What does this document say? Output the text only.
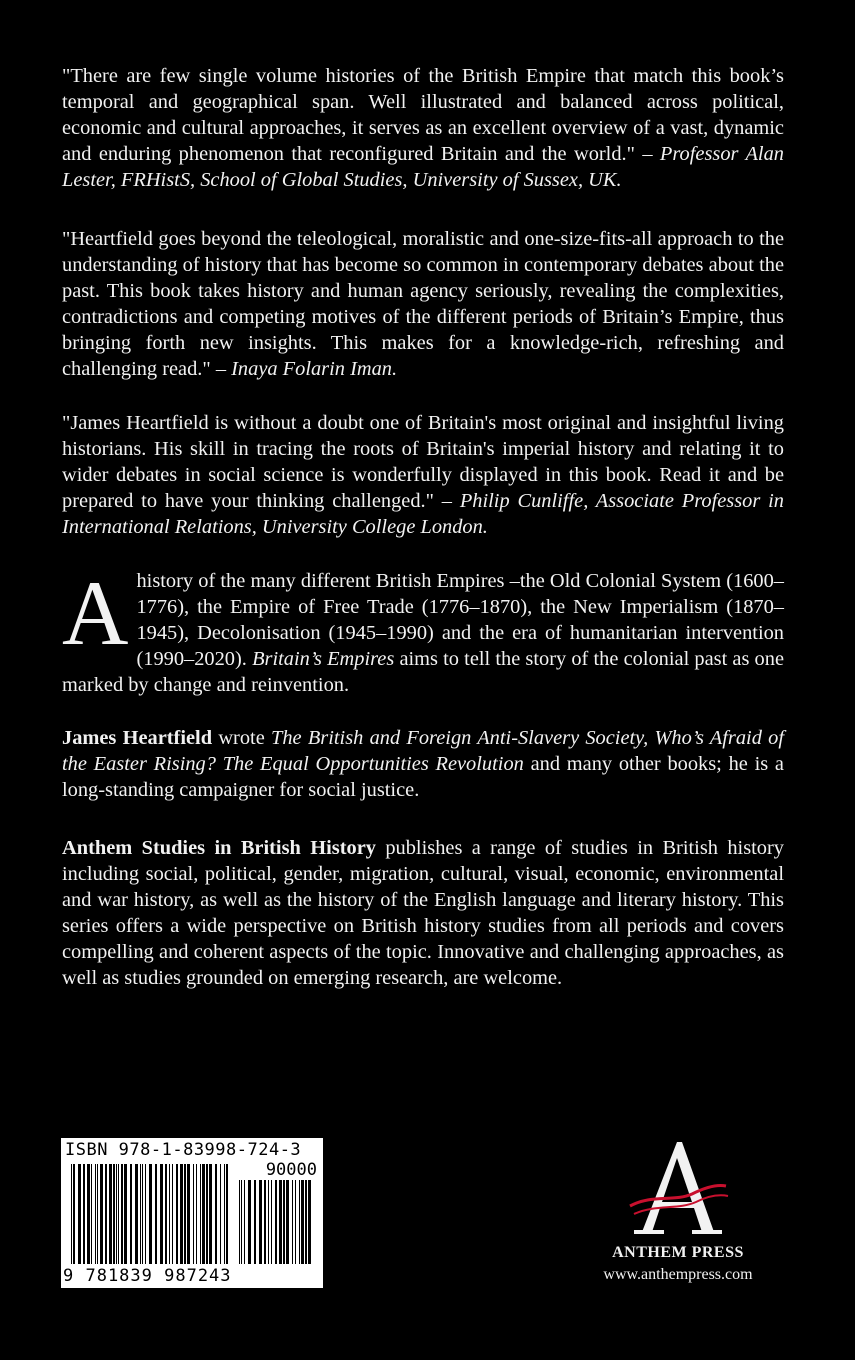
"There are few single volume histories of the British Empire that match this book’s temporal and geographical span. Well illustrated and balanced across political, economic and cultural approaches, it serves as an excellent overview of a vast, dynamic and enduring phenomenon that reconfigured Britain and the world." – Professor Alan Lester, FRHistS, School of Global Studies, University of Sussex, UK.

"Heartfield goes beyond the teleological, moralistic and one-size-fits-all approach to the understanding of history that has become so common in contemporary debates about the past. This book takes history and human agency seriously, revealing the complexities, contradictions and competing motives of the different periods of Britain’s Empire, thus bringing forth new insights. This makes for a knowledge-rich, refreshing and challenging read." – Inaya Folarin Iman.

"James Heartfield is without a doubt one of Britain's most original and insightful living historians. His skill in tracing the roots of Britain's imperial history and relating it to wider debates in social science is wonderfully displayed in this book. Read it and be prepared to have your thinking challenged." – Philip Cunliffe, Associate Professor in International Relations, University College London.

Ahistory of the many different British Empires –the Old Colonial System (1600–1776), the Empire of Free Trade (1776–1870), the New Imperialism (1870–1945), Decolonisation (1945–1990) and the era of humanitarian intervention (1990–2020). Britain’s Empires aims to tell the story of the colonial past as one marked by change and reinvention.

James Heartfield wrote The British and Foreign Anti-Slavery Society, Who’s Afraid of the Easter Rising? The Equal Opportunities Revolution and many other books; he is a long-standing campaigner for social justice.

Anthem Studies in British History publishes a range of studies in British history including social, political, gender, migration, cultural, visual, economic, environmental and war history, as well as the history of the English language and literary history. This series offers a wide perspective on British history studies from all periods and covers compelling and coherent aspects of the topic. Innovative and challenging approaches, as well as studies grounded on emerging research, are welcome.

ISBN 978-1-83998-724-3
90000
9 781839 987243
ANTHEM PRESS
www.anthempress.com
